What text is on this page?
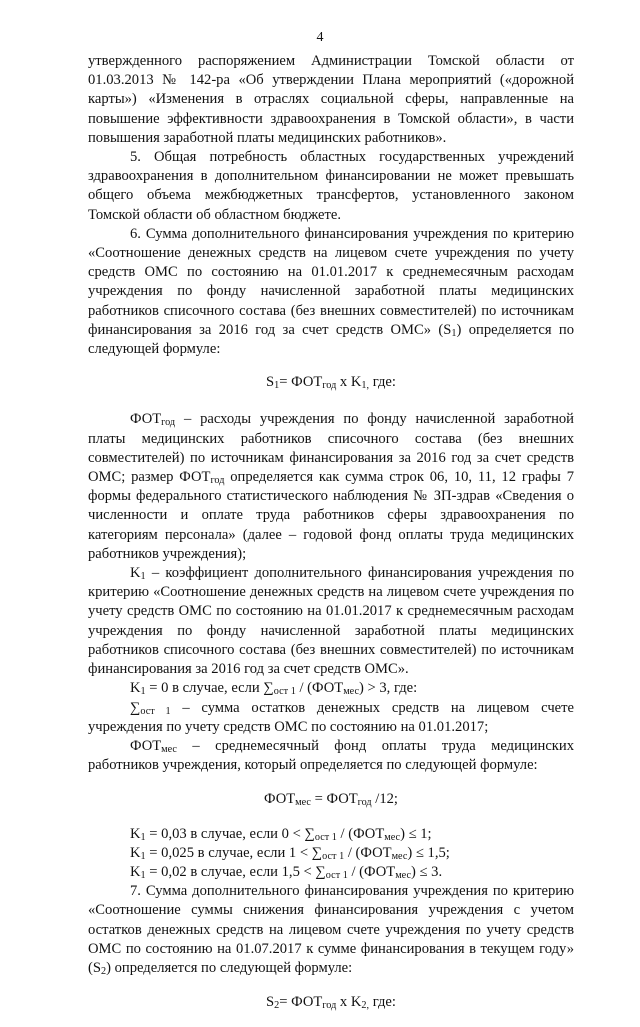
4

утвержденного распоряжением Администрации Томской области от 01.03.2013 № 142-ра «Об утверждении Плана мероприятий («дорожной карты») «Изменения в отраслях социальной сферы, направленные на повышение эффективности здравоохранения в Томской области», в части повышения заработной платы медицинских работников».

5. Общая потребность областных государственных учреждений здравоохранения в дополнительном финансировании не может превышать общего объема межбюджетных трансфертов, установленного законом Томской области об областном бюджете.

6. Сумма дополнительного финансирования учреждения по критерию «Соотношение денежных средств на лицевом счете учреждения по учету средств ОМС по состоянию на 01.01.2017 к среднемесячным расходам учреждения по фонду начисленной заработной платы медицинских работников списочного состава (без внешних совместителей) по источникам финансирования за 2016 год за счет средств ОМС» $(S_1)$ определяется по следующей формуле:

$S_1= ФОТ_{год}$ x $K_{1,}$ где:

$ФОТ_{год}$ – расходы учреждения по фонду начисленной заработной платы медицинских работников списочного состава (без внешних совместителей) по источникам финансирования за 2016 год за счет средств ОМС; размер $ФОТ_{год}$ определяется как сумма строк 06, 10, 11, 12 графы 7 формы федерального статистического наблюдения № ЗП-здрав «Сведения о численности и оплате труда работников сферы здравоохранения по категориям персонала» (далее – годовой фонд оплаты труда медицинских работников учреждения);

$K_1$ – коэффициент дополнительного финансирования учреждения по критерию «Соотношение денежных средств на лицевом счете учреждения по учету средств ОМС по состоянию на 01.01.2017 к среднемесячным расходам учреждения по фонду начисленной заработной платы медицинских работников списочного состава (без внешних совместителей) по источникам финансирования за 2016 год за счет средств ОМС».

$K_1 = 0$ в случае, если $\sum_{ост 1} / (ФОТ_{мес}) > 3$, где:

$\sum_{ост 1}$ – сумма остатков денежных средств на лицевом счете учреждения по учету средств ОМС по состоянию на 01.01.2017;

$ФОТ_{мес}$ – среднемесячный фонд оплаты труда медицинских работников учреждения, который определяется по следующей формуле:

$ФОТ_{мес} = ФОТ_{год}$ /12;

$K_1 = 0,03$ в случае, если $0 < \sum_{ост 1} / (ФОТ_{мес}) \le 1$;

$K_1 = 0,025$ в случае, если $1 < \sum_{ост 1} / (ФОТ_{мес}) \le 1,5$;

$K_1 = 0,02$ в случае, если $1,5 < \sum_{ост 1} / (ФОТ_{мес}) \le 3$.

7. Сумма дополнительного финансирования учреждения по критерию «Соотношение суммы снижения финансирования учреждения с учетом остатков денежных средств на лицевом счете учреждения по учету средств ОМС по состоянию на 01.07.2017 к сумме финансирования в текущем году» $(S_2)$ определяется по следующей формуле:

$S_2= ФОТ_{год}$ x $K_{2,}$ где:
